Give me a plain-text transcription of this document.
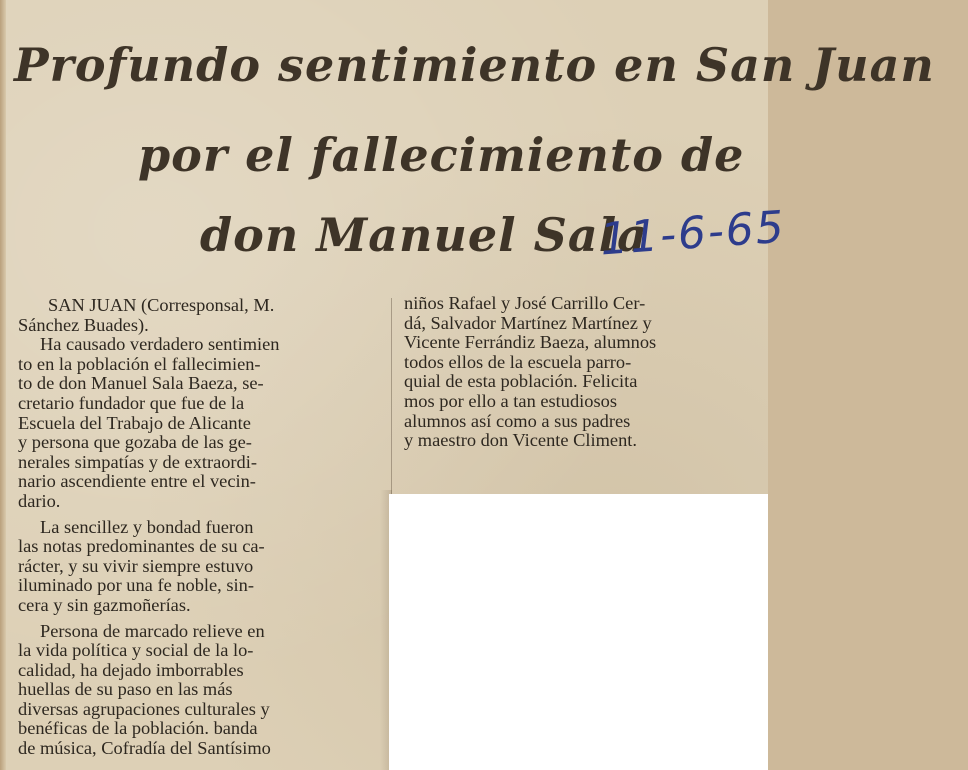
Profundo sentimiento en San Juan
por el fallecimiento de
don Manuel Sala
11-6-65
SAN JUAN (Corresponsal, M.
Sánchez Buades).
Ha causado verdadero sentimien
to en la población el fallecimien-
to de don Manuel Sala Baeza, se-
cretario fundador que fue de la
Escuela del Trabajo de Alicante
y persona que gozaba de las ge-
nerales simpatías y de extraordi-
nario ascendiente entre el vecin-
dario.
La sencillez y bondad fueron
las notas predominantes de su ca-
rácter, y su vivir siempre estuvo
iluminado por una fe noble, sin-
cera y sin gazmoñerías.
Persona de marcado relieve en
la vida política y social de la lo-
calidad, ha dejado imborrables
huellas de su paso en las más
diversas agrupaciones culturales y
benéficas de la población. banda
de música, Cofradía del Santísimo
niños Rafael y José Carrillo Cer-
dá, Salvador Martínez Martínez y
Vicente Ferrándiz Baeza, alumnos
todos ellos de la escuela parro-
quial de esta población. Felicita
mos por ello a tan estudiosos
alumnos así como a sus padres
y maestro don Vicente Climent.
